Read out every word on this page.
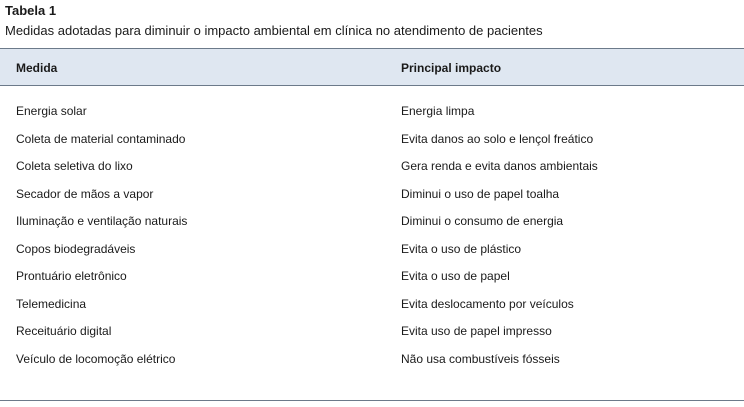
Tabela 1
Medidas adotadas para diminuir o impacto ambiental em clínica no atendimento de pacientes
Medida	Principal impacto
Energia solar	Energia limpa
Coleta de material contaminado	Evita danos ao solo e lençol freático
Coleta seletiva do lixo	Gera renda e evita danos ambientais
Secador de mãos a vapor	Diminui o uso de papel toalha
Iluminação e ventilação naturais	Diminui o consumo de energia
Copos biodegradáveis	Evita o uso de plástico
Prontuário eletrônico	Evita o uso de papel
Telemedicina	Evita deslocamento por veículos
Receituário digital	Evita uso de papel impresso
Veículo de locomoção elétrico	Não usa combustíveis fósseis
